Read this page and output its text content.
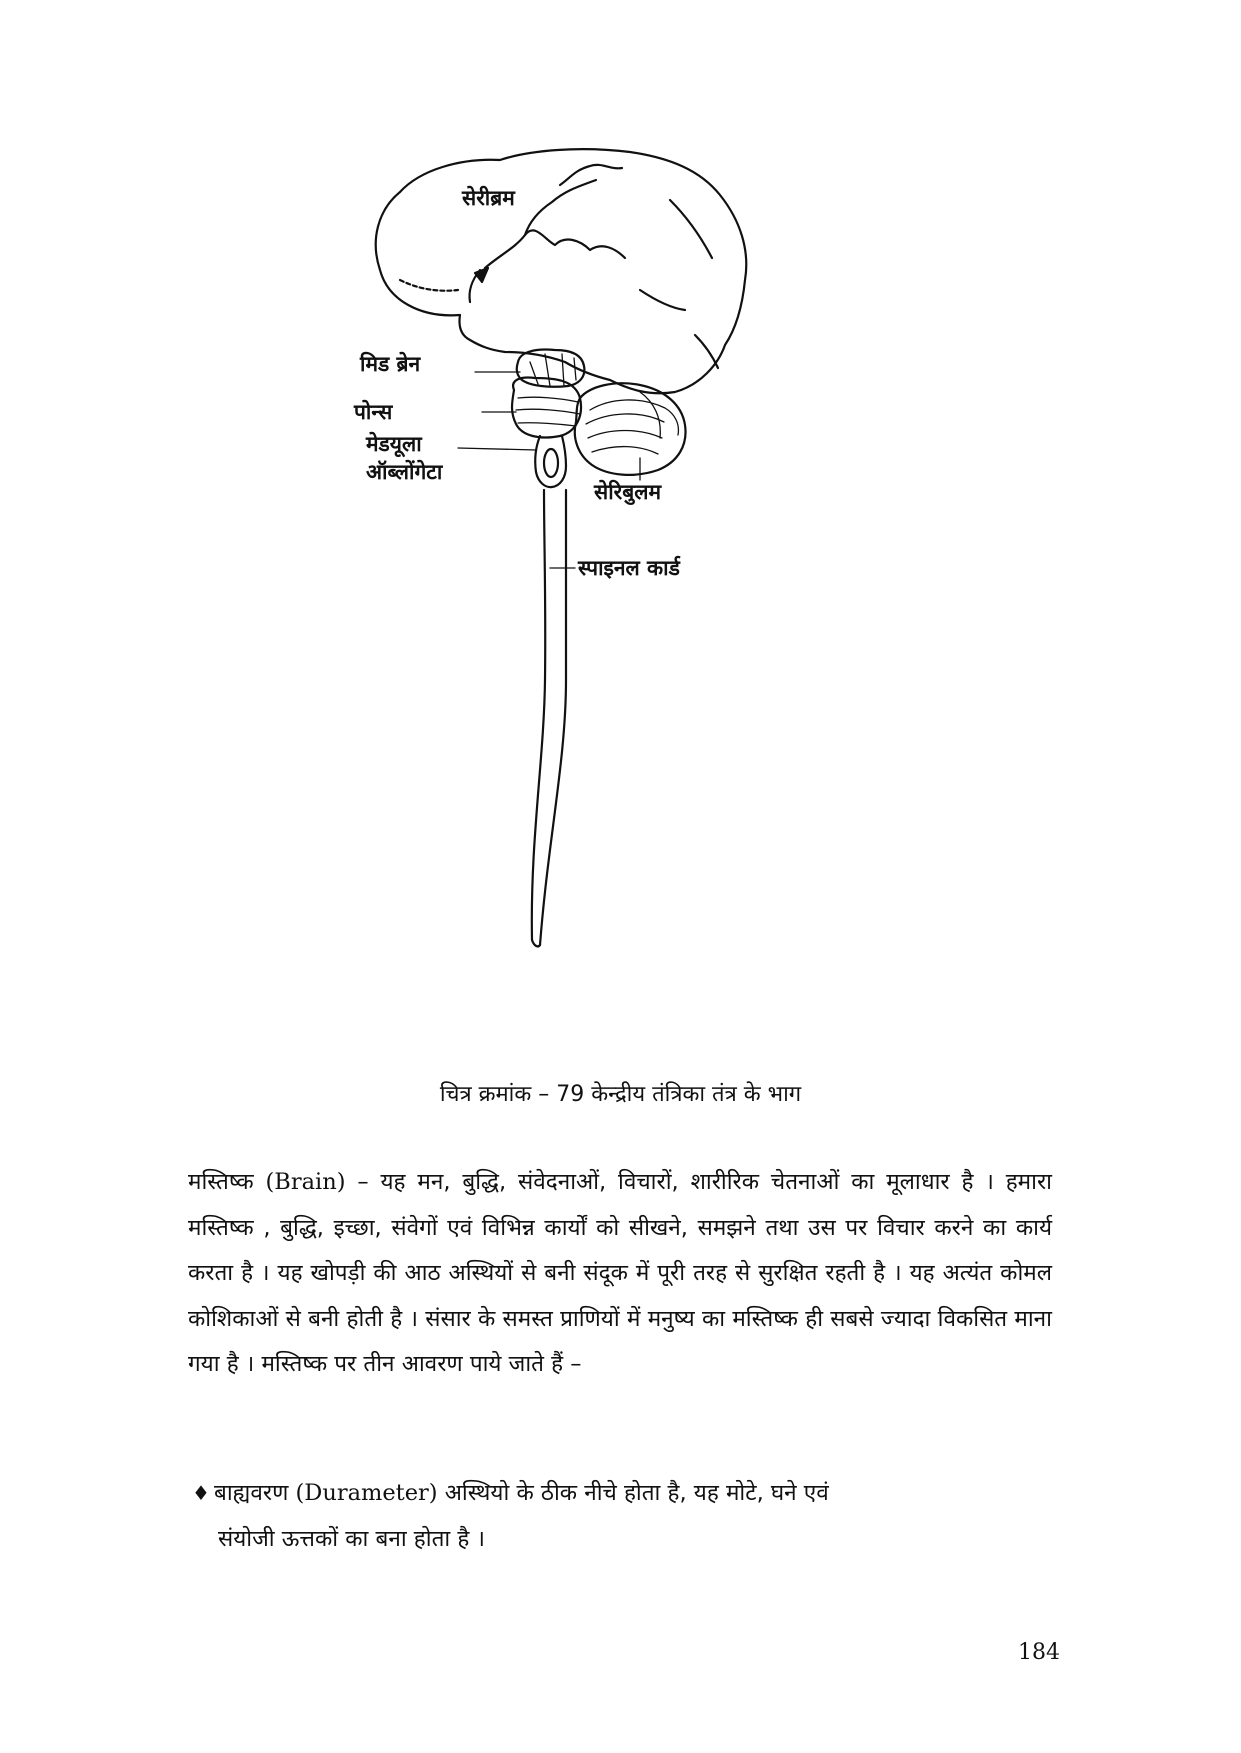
सेरीब्रम
मिड ब्रेन
पोन्स
मेडयूला
ऑब्लोंगेटा
सेरिबुलम
स्पाइनल कार्ड
चित्र क्रमांक – 79 केन्द्रीय तंत्रिका तंत्र के भाग
मस्तिष्क (Brain) – यह मन, बुद्धि, संवेदनाओं, विचारों, शारीरिक चेतनाओं का मूलाधार है । हमारा मस्तिष्क , बुद्धि, इच्छा, संवेगों एवं विभिन्न कार्यों को सीखने, समझने तथा उस पर विचार करने का कार्य करता है । यह खोपड़ी की आठ अस्थियों से बनी संदूक में पूरी तरह से सुरक्षित रहती है । यह अत्यंत कोमल कोशिकाओं से बनी होती है । संसार के समस्त प्राणियों में मनुष्य का मस्तिष्क ही सबसे ज्यादा विकसित माना गया है । मस्तिष्क पर तीन आवरण पाये जाते हैं –
♦ बाह्यवरण (Durameter) अस्थियो के ठीक नीचे होता है, यह मोटे, घने एवं
संयोजी ऊत्तकों का बना होता है ।
184
